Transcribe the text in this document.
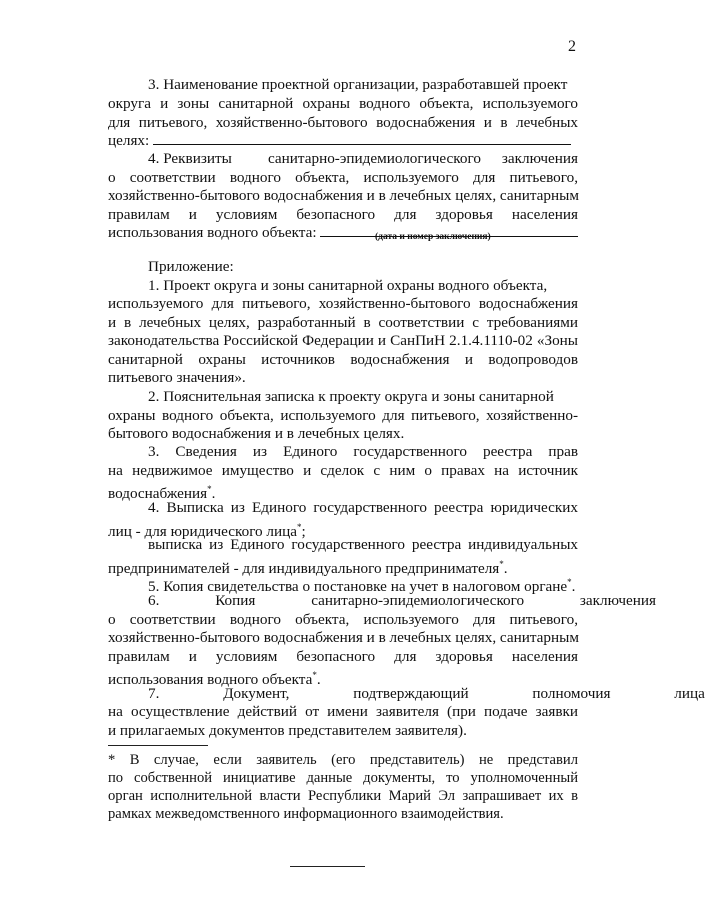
2
3. Наименование проектной организации, разработавшей проект
округа и зоны санитарной охраны водного объекта, используемого
для питьевого, хозяйственно-бытового водоснабжения и в лечебных
целях:
4. Реквизиты санитарно-эпидемиологического заключения
о соответствии водного объекта, используемого для питьевого,
хозяйственно-бытового водоснабжения и в лечебных целях, санитарным
правилам и условиям безопасного для здоровья населения
использования водного объекта:	(дата и номер заключения)
Приложение:
1. Проект округа и зоны санитарной охраны водного объекта,
используемого для питьевого, хозяйственно-бытового водоснабжения
и в лечебных целях, разработанный в соответствии с требованиями
законодательства Российской Федерации и СанПиН 2.1.4.1110-02 «Зоны
санитарной охраны источников водоснабжения и водопроводов
питьевого значения».
2. Пояснительная записка к проекту округа и зоны санитарной
охраны водного объекта, используемого для питьевого, хозяйственно-
бытового водоснабжения и в лечебных целях.
3. Сведения из Единого государственного реестра прав
на недвижимое имущество и сделок с ним о правах на источник
водоснабжения*.
4. Выписка из Единого государственного реестра юридических
лиц - для юридического лица*;
выписка из Единого государственного реестра индивидуальных
предпринимателей - для индивидуального предпринимателя*.
5. Копия свидетельства о постановке на учет в налоговом органе*.
6. Копия санитарно-эпидемиологического заключения
о соответствии водного объекта, используемого для питьевого,
хозяйственно-бытового водоснабжения и в лечебных целях, санитарным
правилам и условиям безопасного для здоровья населения
использования водного объекта*.
7. Документ, подтверждающий полномочия лица
на осуществление действий от имени заявителя (при подаче заявки
и прилагаемых документов представителем заявителя).
* В случае, если заявитель (его представитель) не представил
по собственной инициативе данные документы, то уполномоченный
орган исполнительной власти Республики Марий Эл запрашивает их в
рамках межведомственного информационного взаимодействия.
